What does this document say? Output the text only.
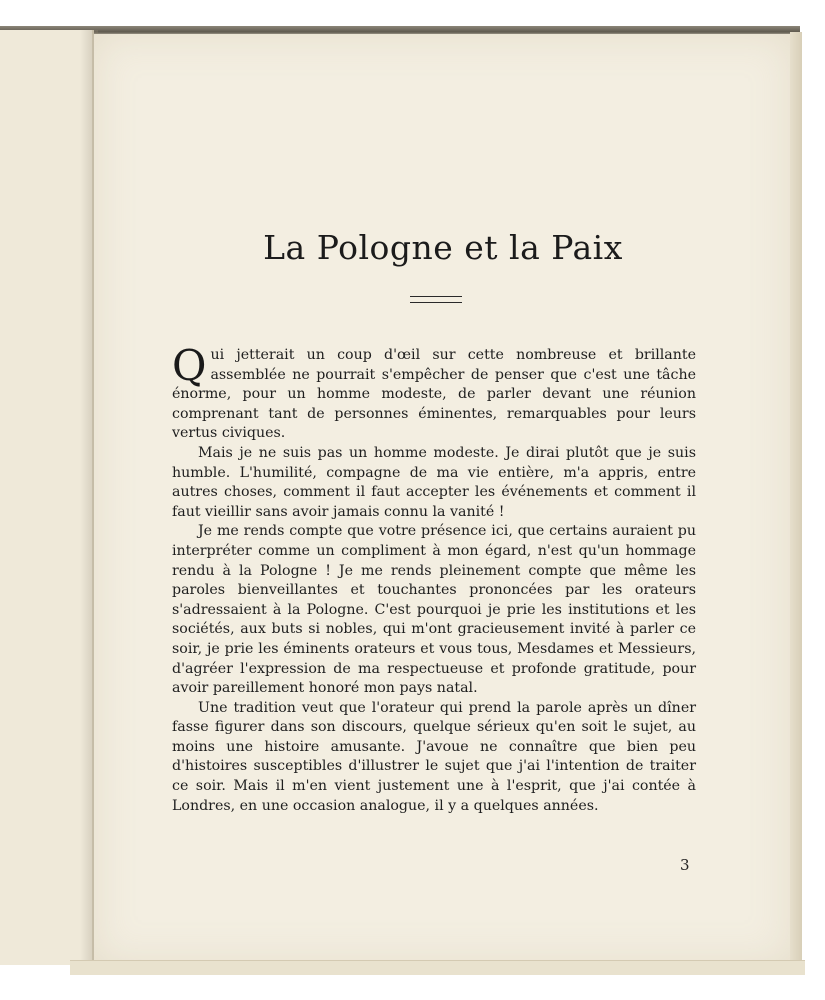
La Pologne et la Paix

Qui jetterait un coup d'œil sur cette nombreuse et brillante assemblée ne pourrait s'empêcher de penser que c'est une tâche énorme, pour un homme modeste, de parler devant une réunion comprenant tant de personnes éminentes, remarquables pour leurs vertus civiques.

Mais je ne suis pas un homme modeste. Je dirai plutôt que je suis humble. L'humilité, compagne de ma vie entière, m'a appris, entre autres choses, comment il faut accepter les événements et comment il faut vieillir sans avoir jamais connu la vanité !

Je me rends compte que votre présence ici, que certains auraient pu interpréter comme un compliment à mon égard, n'est qu'un hommage rendu à la Pologne ! Je me rends pleinement compte que même les paroles bienveillantes et touchantes prononcées par les orateurs s'adressaient à la Pologne. C'est pourquoi je prie les institutions et les sociétés, aux buts si nobles, qui m'ont gracieusement invité à parler ce soir, je prie les éminents orateurs et vous tous, Mesdames et Messieurs, d'agréer l'expression de ma respectueuse et profonde gratitude, pour avoir pareillement honoré mon pays natal.

Une tradition veut que l'orateur qui prend la parole après un dîner fasse figurer dans son discours, quelque sérieux qu'en soit le sujet, au moins une histoire amusante. J'avoue ne connaître que bien peu d'histoires susceptibles d'illustrer le sujet que j'ai l'intention de traiter ce soir. Mais il m'en vient justement une à l'esprit, que j'ai contée à Londres, en une occasion analogue, il y a quelques années.

3
